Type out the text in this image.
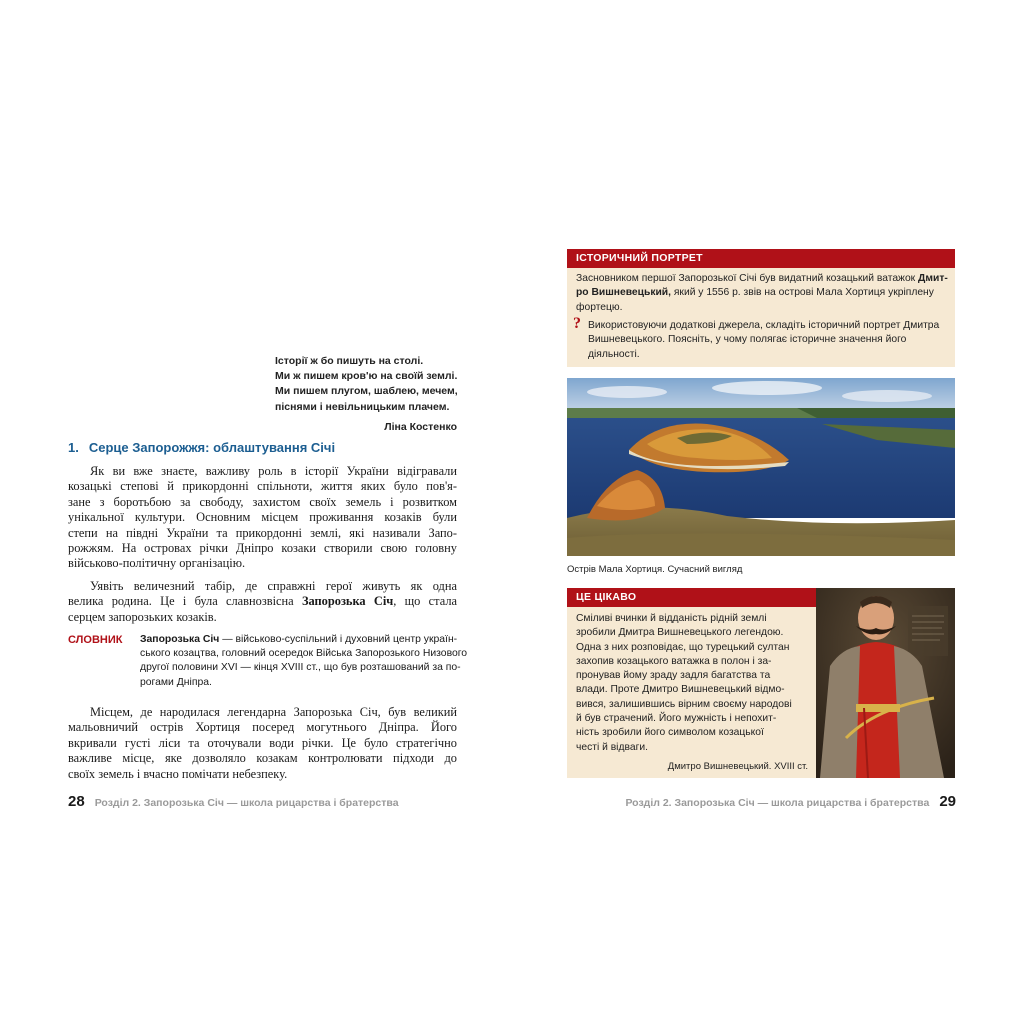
Історії ж бо пишуть на столі.
Ми ж пишем кров'ю на своїй землі.
Ми пишем плугом, шаблею, мечем,
піснями і невільницьким плачем.
Ліна Костенко
1. Серце Запорожжя: облаштування Січі
Як ви вже знаєте, важливу роль в історії України відігравали
козацькі степові й прикордонні спільноти, життя яких було пов'я-
зане з боротьбою за свободу, захистом своїх земель і розвитком
унікальної культури. Основним місцем проживання козаків були
степи на півдні України та прикордонні землі, які називали Запо-
рожжям. На островах річки Дніпро козаки створили свою головну
військово-політичну організацію.
Уявіть величезний табір, де справжні герої живуть як одна
велика родина. Це і була славнозвісна Запорозька Січ, що стала
серцем запорозьких козаків.
СЛОВНИК Запорозька Січ — військово-суспільний і духовний центр україн-
ського козацтва, головний осередок Війська Запорозького Низового
другої половини XVI — кінця XVIII ст., що був розташований за по-
рогами Дніпра.
Місцем, де народилася легендарна Запорозька Січ, був великий
мальовничий острів Хортиця посеред могутнього Дніпра. Його
вкривали густі ліси та оточували води річки. Це було стратегічно
важливе місце, яке дозволяло козакам контролювати підходи до
своїх земель і вчасно помічати небезпеку.
28 Розділ 2. Запорозька Січ — школа рицарства і братерства
ІСТОРИЧНИЙ ПОРТРЕТ
Засновником першої Запорозької Січі був видатний козацький ватажок Дмит-
ро Вишневецький, який у 1556 р. звів на острові Мала Хортиця укріплену
фортецю.
? Використовуючи додаткові джерела, складіть історичний портрет Дмитра
Вишневецького. Поясніть, у чому полягає історичне значення його
діяльності.
Острів Мала Хортиця. Сучасний вигляд
ЦЕ ЦІКАВО
Сміливі вчинки й відданість рідній землі
зробили Дмитра Вишневецького легендою.
Одна з них розповідає, що турецький султан
захопив козацького ватажка в полон і за-
пронував йому зраду задля багатства та
влади. Проте Дмитро Вишневецький відмо-
вився, залишившись вірним своєму народові
й був страчений. Його мужність і непохит-
ність зробили його символом козацької
честі й відваги.
Дмитро Вишневецький. XVIII ст.
Розділ 2. Запорозька Січ — школа рицарства і братерства 29
